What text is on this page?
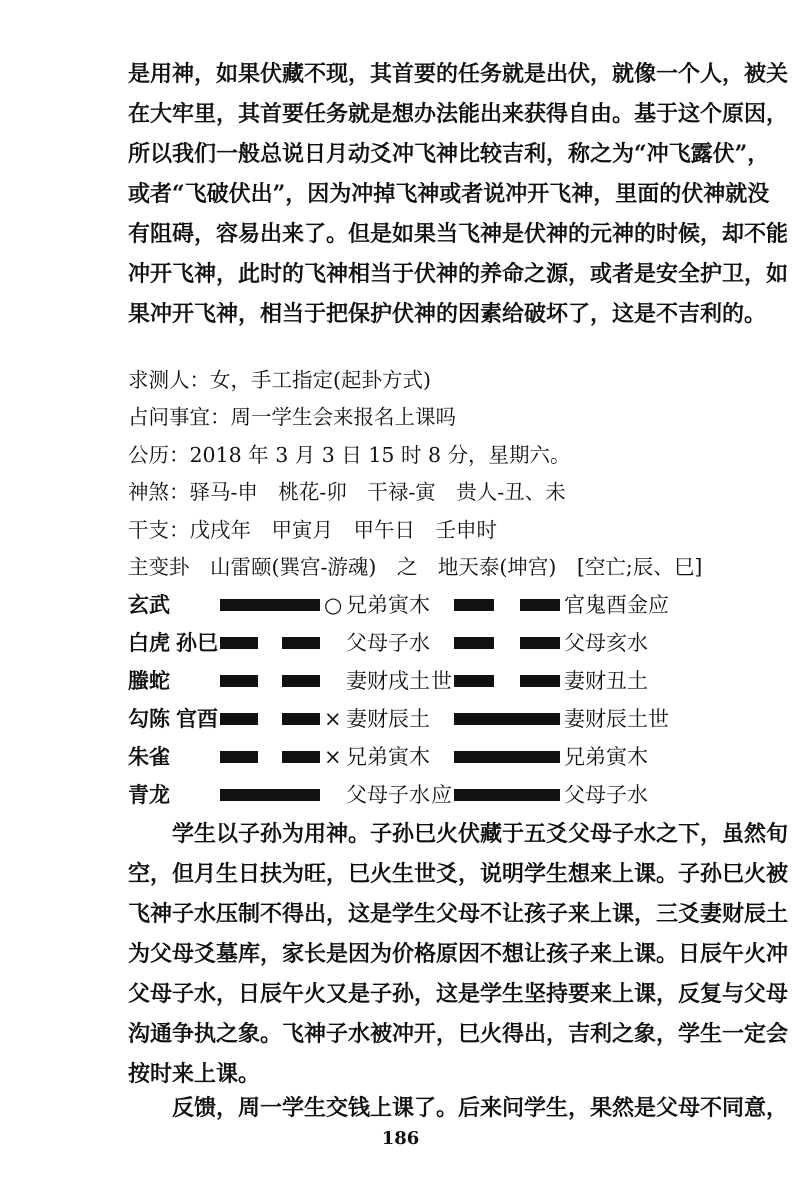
是用神，如果伏藏不现，其首要的任务就是出伏，就像一个人，被关

在大牢里，其首要任务就是想办法能出来获得自由。基于这个原因，

所以我们一般总说日月动爻冲飞神比较吉利，称之为“冲飞露伏”，

或者“飞破伏出”，因为冲掉飞神或者说冲开飞神，里面的伏神就没

有阻碍，容易出来了。但是如果当飞神是伏神的元神的时候，却不能

冲开飞神，此时的飞神相当于伏神的养命之源，或者是安全护卫，如

果冲开飞神，相当于把保护伏神的因素给破坏了，这是不吉利的。

求测人：女，手工指定(起卦方式)
占问事宜：周一学生会来报名上课吗
公历：2018 年 3 月 3 日 15 时 8 分，星期六。
神煞：驿马-申　桃花-卯　干禄-寅　贵人-丑、未
干支：戊戌年　甲寅月　甲午日　壬申时
主变卦　山雷颐(巽宫-游魂)　之　地天泰(坤宫)　[空亡;辰、巳]
玄武	○ 兄弟寅木	官鬼酉金应
白虎 孙巳	父母子水	父母亥水
螣蛇	妻财戌土 世	妻财丑土
勾陈 官酉	× 妻财辰土	妻财辰土世
朱雀	× 兄弟寅木	兄弟寅木
青龙	父母子水 应	父母子水

学生以子孙为用神。子孙巳火伏藏于五爻父母子水之下，虽然旬

空，但月生日扶为旺，巳火生世爻，说明学生想来上课。子孙巳火被

飞神子水压制不得出，这是学生父母不让孩子来上课，三爻妻财辰土

为父母爻墓库，家长是因为价格原因不想让孩子来上课。日辰午火冲

父母子水，日辰午火又是子孙，这是学生坚持要来上课，反复与父母

沟通争执之象。飞神子水被冲开，巳火得出，吉利之象，学生一定会

按时来上课。

反馈，周一学生交钱上课了。后来问学生，果然是父母不同意，

186
